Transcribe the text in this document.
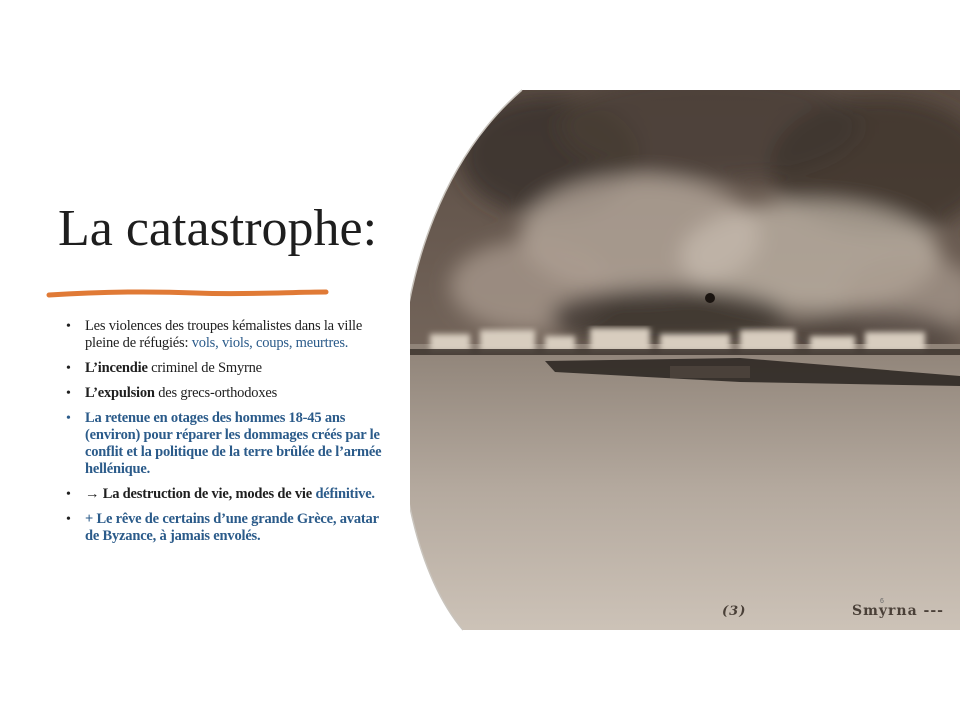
La catastrophe:
• Les violences des troupes kémalistes dans la ville pleine de réfugiés: vols, viols, coups, meurtres.
• L’incendie criminel de Smyrne
• L’expulsion des grecs-orthodoxes
• La retenue en otages des hommes 18-45 ans (environ) pour réparer les dommages créés par le conflit et la politique de la terre brûlée de l’armée hellénique.
• → La destruction de vie, modes de vie définitive.
• + Le rêve de certains d’une grande Grèce, avatar de Byzance, à jamais envolés.
(3)	Smyrna ---
6
